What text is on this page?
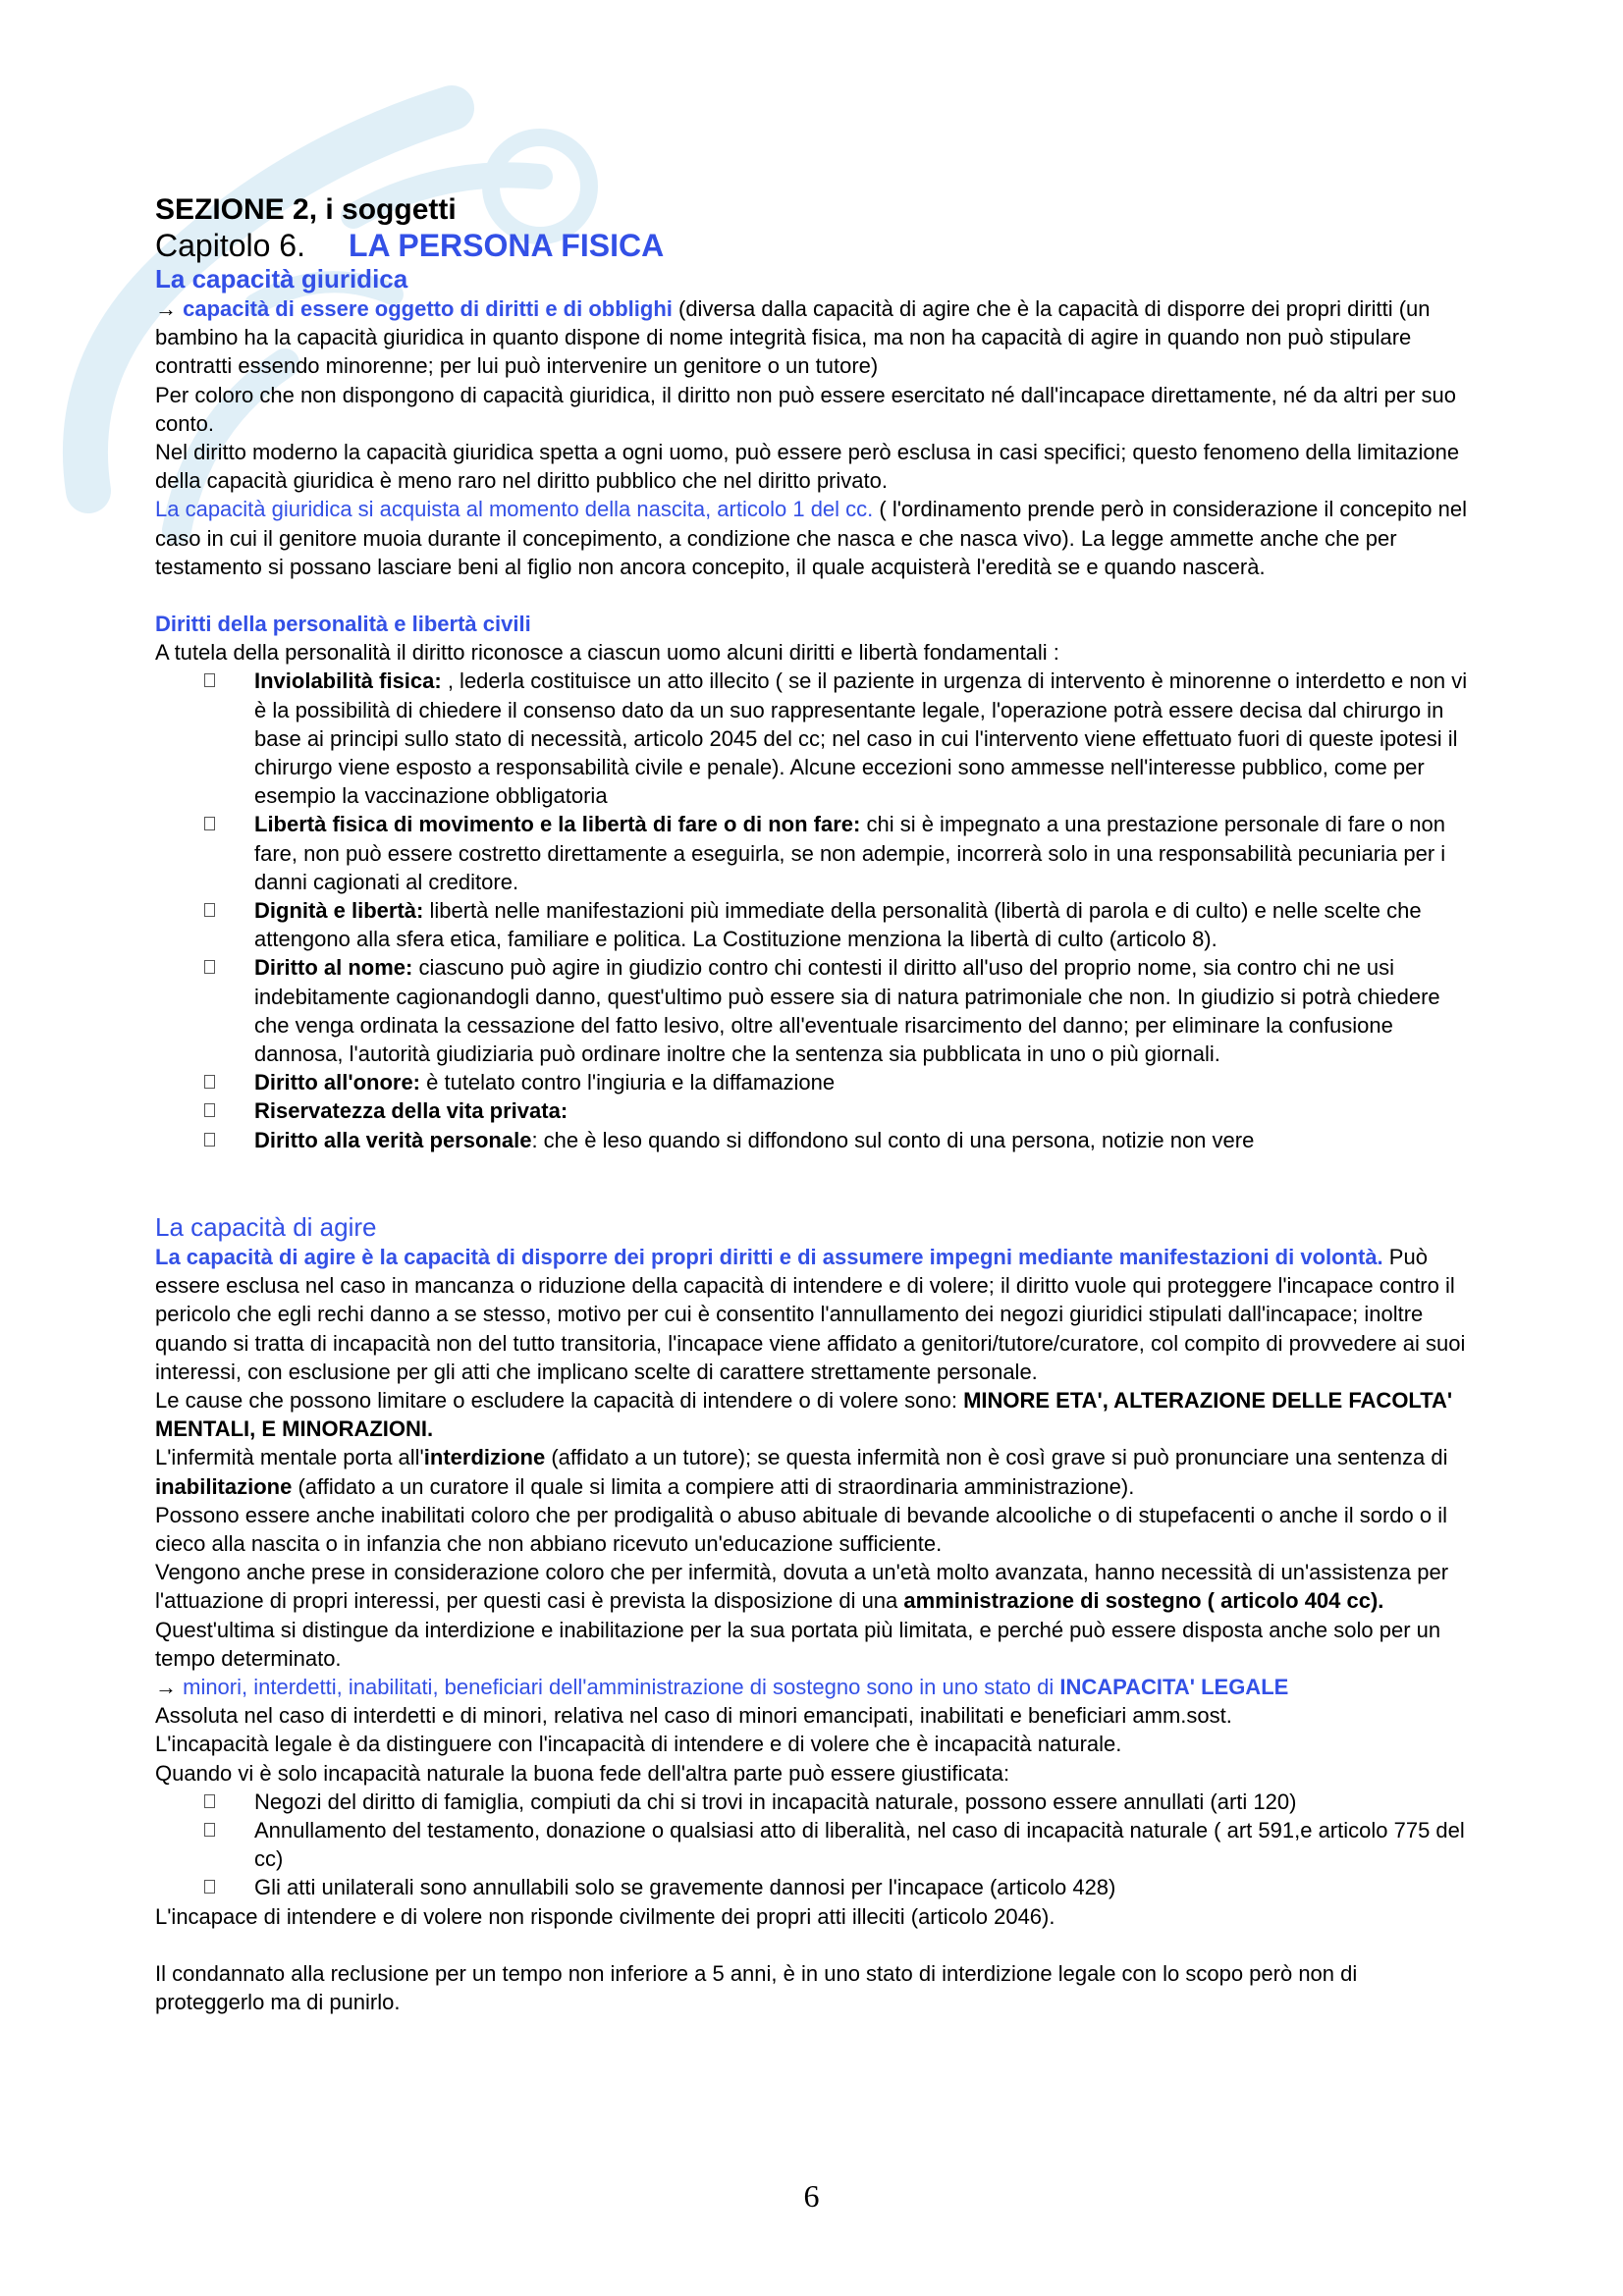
SEZIONE 2, i soggetti
Capitolo 6. LA PERSONA FISICA
La capacità giuridica

→ capacità di essere oggetto di diritti e di obblighi (diversa dalla capacità di agire che è la capacità di disporre dei propri diritti (un bambino ha la capacità giuridica in quanto dispone di nome integrità fisica, ma non ha capacità di agire in quando non può stipulare contratti essendo minorenne; per lui può intervenire un genitore o un tutore)

Per coloro che non dispongono di capacità giuridica, il diritto non può essere esercitato né dall'incapace direttamente, né da altri per suo conto.

Nel diritto moderno la capacità giuridica spetta a ogni uomo, può essere però esclusa in casi specifici; questo fenomeno della limitazione della capacità giuridica è meno raro nel diritto pubblico che nel diritto privato.

La capacità giuridica si acquista al momento della nascita, articolo 1 del cc. ( l'ordinamento prende però in considerazione il concepito nel caso in cui il genitore muoia durante il concepimento, a condizione che nasca e che nasca vivo). La legge ammette anche che per testamento si possano lasciare beni al figlio non ancora concepito, il quale acquisterà l'eredità se e quando nascerà.

Diritti della personalità e libertà civili

A tutela della personalità il diritto riconosce a ciascun uomo alcuni diritti e libertà fondamentali :

Inviolabilità fisica: , lederla costituisce un atto illecito ( se il paziente in urgenza di intervento è minorenne o interdetto e non vi è la possibilità di chiedere il consenso dato da un suo rappresentante legale, l'operazione potrà essere decisa dal chirurgo in base ai principi sullo stato di necessità, articolo 2045 del cc; nel caso in cui l'intervento viene effettuato fuori di queste ipotesi il chirurgo viene esposto a responsabilità civile e penale). Alcune eccezioni sono ammesse nell'interesse pubblico, come per esempio la vaccinazione obbligatoria
Libertà fisica di movimento e la libertà di fare o di non fare: chi si è impegnato a una prestazione personale di fare o non fare, non può essere costretto direttamente a eseguirla, se non adempie, incorrerà solo in una responsabilità pecuniaria per i danni cagionati al creditore.
Dignità e libertà: libertà nelle manifestazioni più immediate della personalità (libertà di parola e di culto) e nelle scelte che attengono alla sfera etica, familiare e politica. La Costituzione menziona la libertà di culto (articolo 8).
Diritto al nome: ciascuno può agire in giudizio contro chi contesti il diritto all'uso del proprio nome, sia contro chi ne usi indebitamente cagionandogli danno, quest'ultimo può essere sia di natura patrimoniale che non. In giudizio si potrà chiedere che venga ordinata la cessazione del fatto lesivo, oltre all'eventuale risarcimento del danno; per eliminare la confusione dannosa, l'autorità giudiziaria può ordinare inoltre che la sentenza sia pubblicata in uno o più giornali.
Diritto all'onore: è tutelato contro l'ingiuria e la diffamazione
Riservatezza della vita privata:
Diritto alla verità personale: che è leso quando si diffondono sul conto di una persona, notizie non vere
La capacità di agire

La capacità di agire è la capacità di disporre dei propri diritti e di assumere impegni mediante manifestazioni di volontà. Può essere esclusa nel caso in mancanza o riduzione della capacità di intendere e di volere; il diritto vuole qui proteggere l'incapace contro il pericolo che egli rechi danno a se stesso, motivo per cui è consentito l'annullamento dei negozi giuridici stipulati dall'incapace; inoltre quando si tratta di incapacità non del tutto transitoria, l'incapace viene affidato a genitori/tutore/curatore, col compito di provvedere ai suoi interessi, con esclusione per gli atti che implicano scelte di carattere strettamente personale.

Le cause che possono limitare o escludere la capacità di intendere o di volere sono: MINORE ETA', ALTERAZIONE DELLE FACOLTA' MENTALI, E MINORAZIONI.

L'infermità mentale porta all'interdizione (affidato a un tutore); se questa infermità non è così grave si può pronunciare una sentenza di inabilitazione (affidato a un curatore il quale si limita a compiere atti di straordinaria amministrazione).

Possono essere anche inabilitati coloro che per prodigalità o abuso abituale di bevande alcooliche o di stupefacenti o anche il sordo o il cieco alla nascita o in infanzia che non abbiano ricevuto un'educazione sufficiente.

Vengono anche prese in considerazione coloro che per infermità, dovuta a un'età molto avanzata, hanno necessità di un'assistenza per l'attuazione di propri interessi, per questi casi è prevista la disposizione di una amministrazione di sostegno ( articolo 404 cc). Quest'ultima si distingue da interdizione e inabilitazione per la sua portata più limitata, e perché può essere disposta anche solo per un tempo determinato.

→ minori, interdetti, inabilitati, beneficiari dell'amministrazione di sostegno sono in uno stato di INCAPACITA' LEGALE

Assoluta nel caso di interdetti e di minori, relativa nel caso di minori emancipati, inabilitati e beneficiari amm.sost.

L'incapacità legale è da distinguere con l'incapacità di intendere e di volere che è incapacità naturale.

Quando vi è solo incapacità naturale la buona fede dell'altra parte può essere giustificata:

Negozi del diritto di famiglia, compiuti da chi si trovi in incapacità naturale, possono essere annullati (arti 120)
Annullamento del testamento, donazione o qualsiasi atto di liberalità, nel caso di incapacità naturale ( art 591,e articolo 775 del cc)
Gli atti unilaterali sono annullabili solo se gravemente dannosi per l'incapace (articolo 428)

L'incapace di intendere e di volere non risponde civilmente dei propri atti illeciti (articolo 2046).

Il condannato alla reclusione per un tempo non inferiore a 5 anni, è in uno stato di interdizione legale con lo scopo però non di proteggerlo ma di punirlo.

6
